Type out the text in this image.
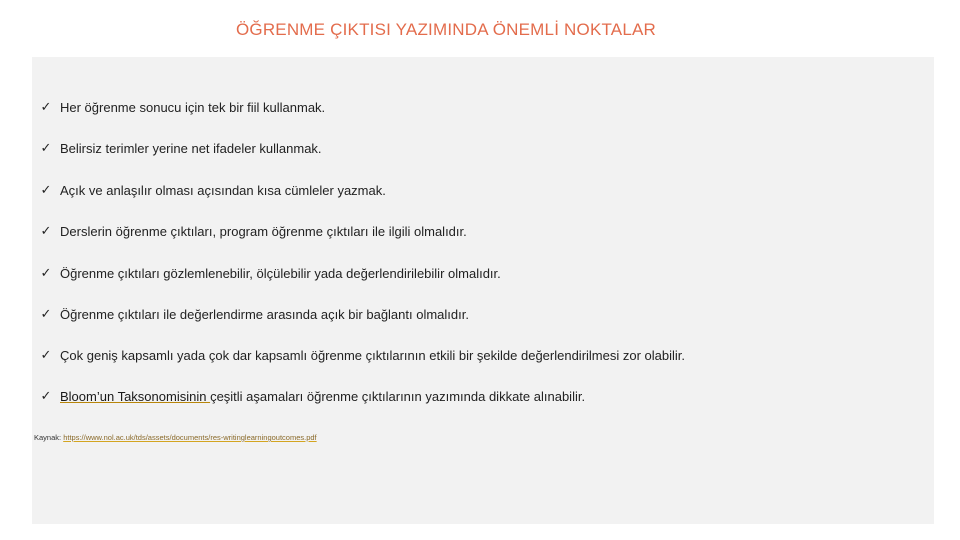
ÖĞRENME ÇIKTISI YAZIMINDA ÖNEMLİ NOKTALAR
✓ Her öğrenme sonucu için tek bir fiil kullanmak.
✓ Belirsiz terimler yerine net ifadeler kullanmak.
✓ Açık ve anlaşılır olması açısından kısa cümleler yazmak.
✓ Derslerin öğrenme çıktıları, program öğrenme çıktıları ile ilgili olmalıdır.
✓ Öğrenme çıktıları gözlemlenebilir, ölçülebilir yada değerlendirilebilir olmalıdır.
✓ Öğrenme çıktıları ile değerlendirme arasında açık bir bağlantı olmalıdır.
✓ Çok geniş kapsamlı yada çok dar kapsamlı öğrenme çıktılarının etkili bir şekilde değerlendirilmesi zor olabilir.
✓ Bloom’un Taksonomisinin çeşitli aşamaları öğrenme çıktılarının yazımında dikkate alınabilir.
Kaynak: https://www.nol.ac.uk/tds/assets/documents/res-writinglearningoutcomes.pdf
